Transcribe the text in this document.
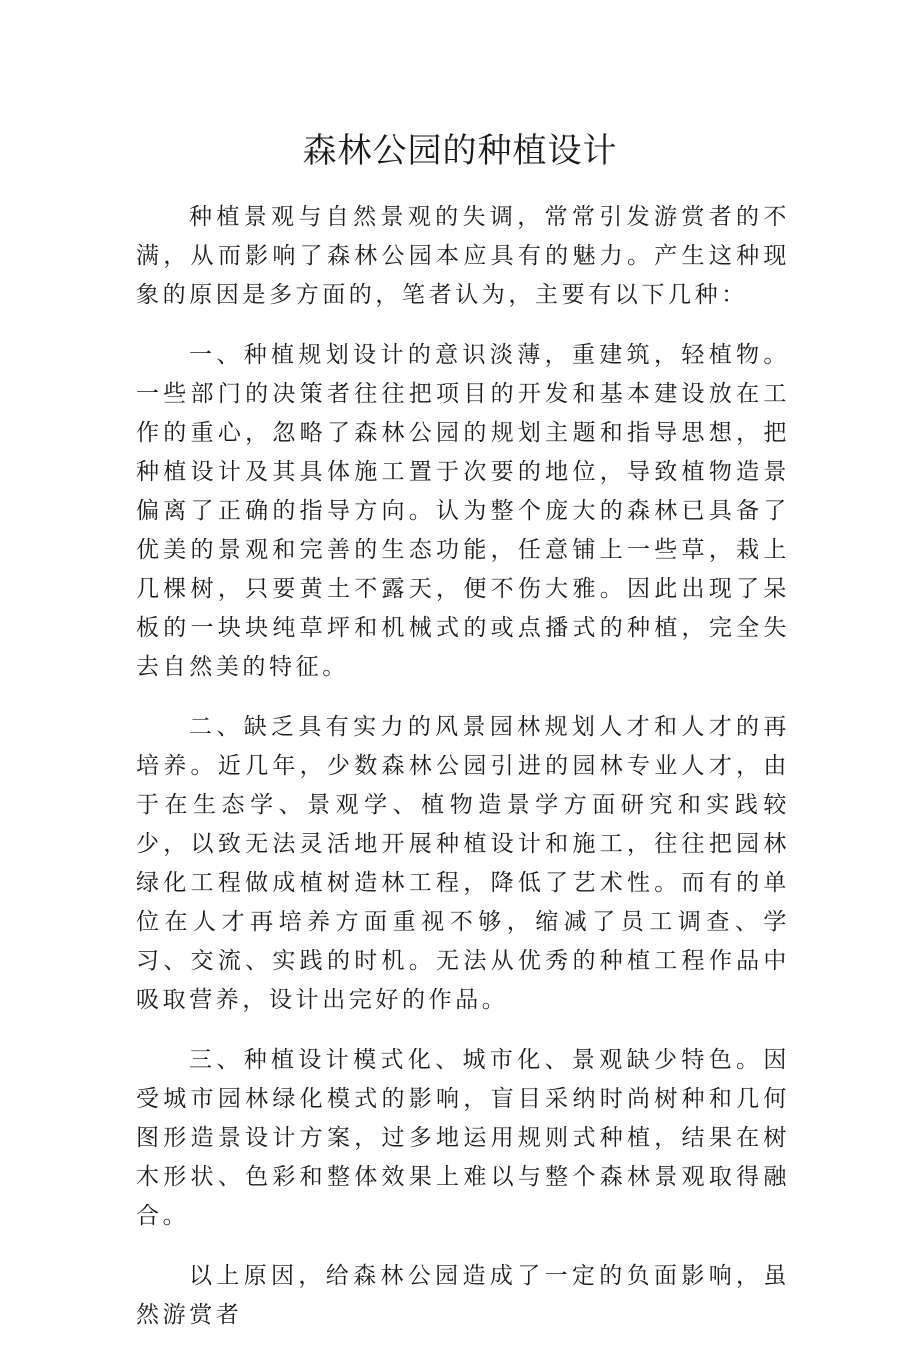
森林公园的种植设计

种植景观与自然景观的失调，常常引发游赏者的不满，从而影响了森林公园本应具有的魅力。产生这种现象的原因是多方面的，笔者认为，主要有以下几种：

一、种植规划设计的意识淡薄，重建筑，轻植物。一些部门的决策者往往把项目的开发和基本建设放在工作的重心，忽略了森林公园的规划主题和指导思想，把种植设计及其具体施工置于次要的地位，导致植物造景偏离了正确的指导方向。认为整个庞大的森林已具备了优美的景观和完善的生态功能，任意铺上一些草，栽上几棵树，只要黄土不露天，便不伤大雅。因此出现了呆板的一块块纯草坪和机械式的或点播式的种植，完全失去自然美的特征。

二、缺乏具有实力的风景园林规划人才和人才的再培养。近几年，少数森林公园引进的园林专业人才，由于在生态学、景观学、植物造景学方面研究和实践较少，以致无法灵活地开展种植设计和施工，往往把园林绿化工程做成植树造林工程，降低了艺术性。而有的单位在人才再培养方面重视不够，缩减了员工调查、学习、交流、实践的时机。无法从优秀的种植工程作品中吸取营养，设计出完好的作品。

三、种植设计模式化、城市化、景观缺少特色。因受城市园林绿化模式的影响，盲目采纳时尚树种和几何图形造景设计方案，过多地运用规则式种植，结果在树木形状、色彩和整体效果上难以与整个森林景观取得融合。

以上原因，给森林公园造成了一定的负面影响，虽然游赏者
